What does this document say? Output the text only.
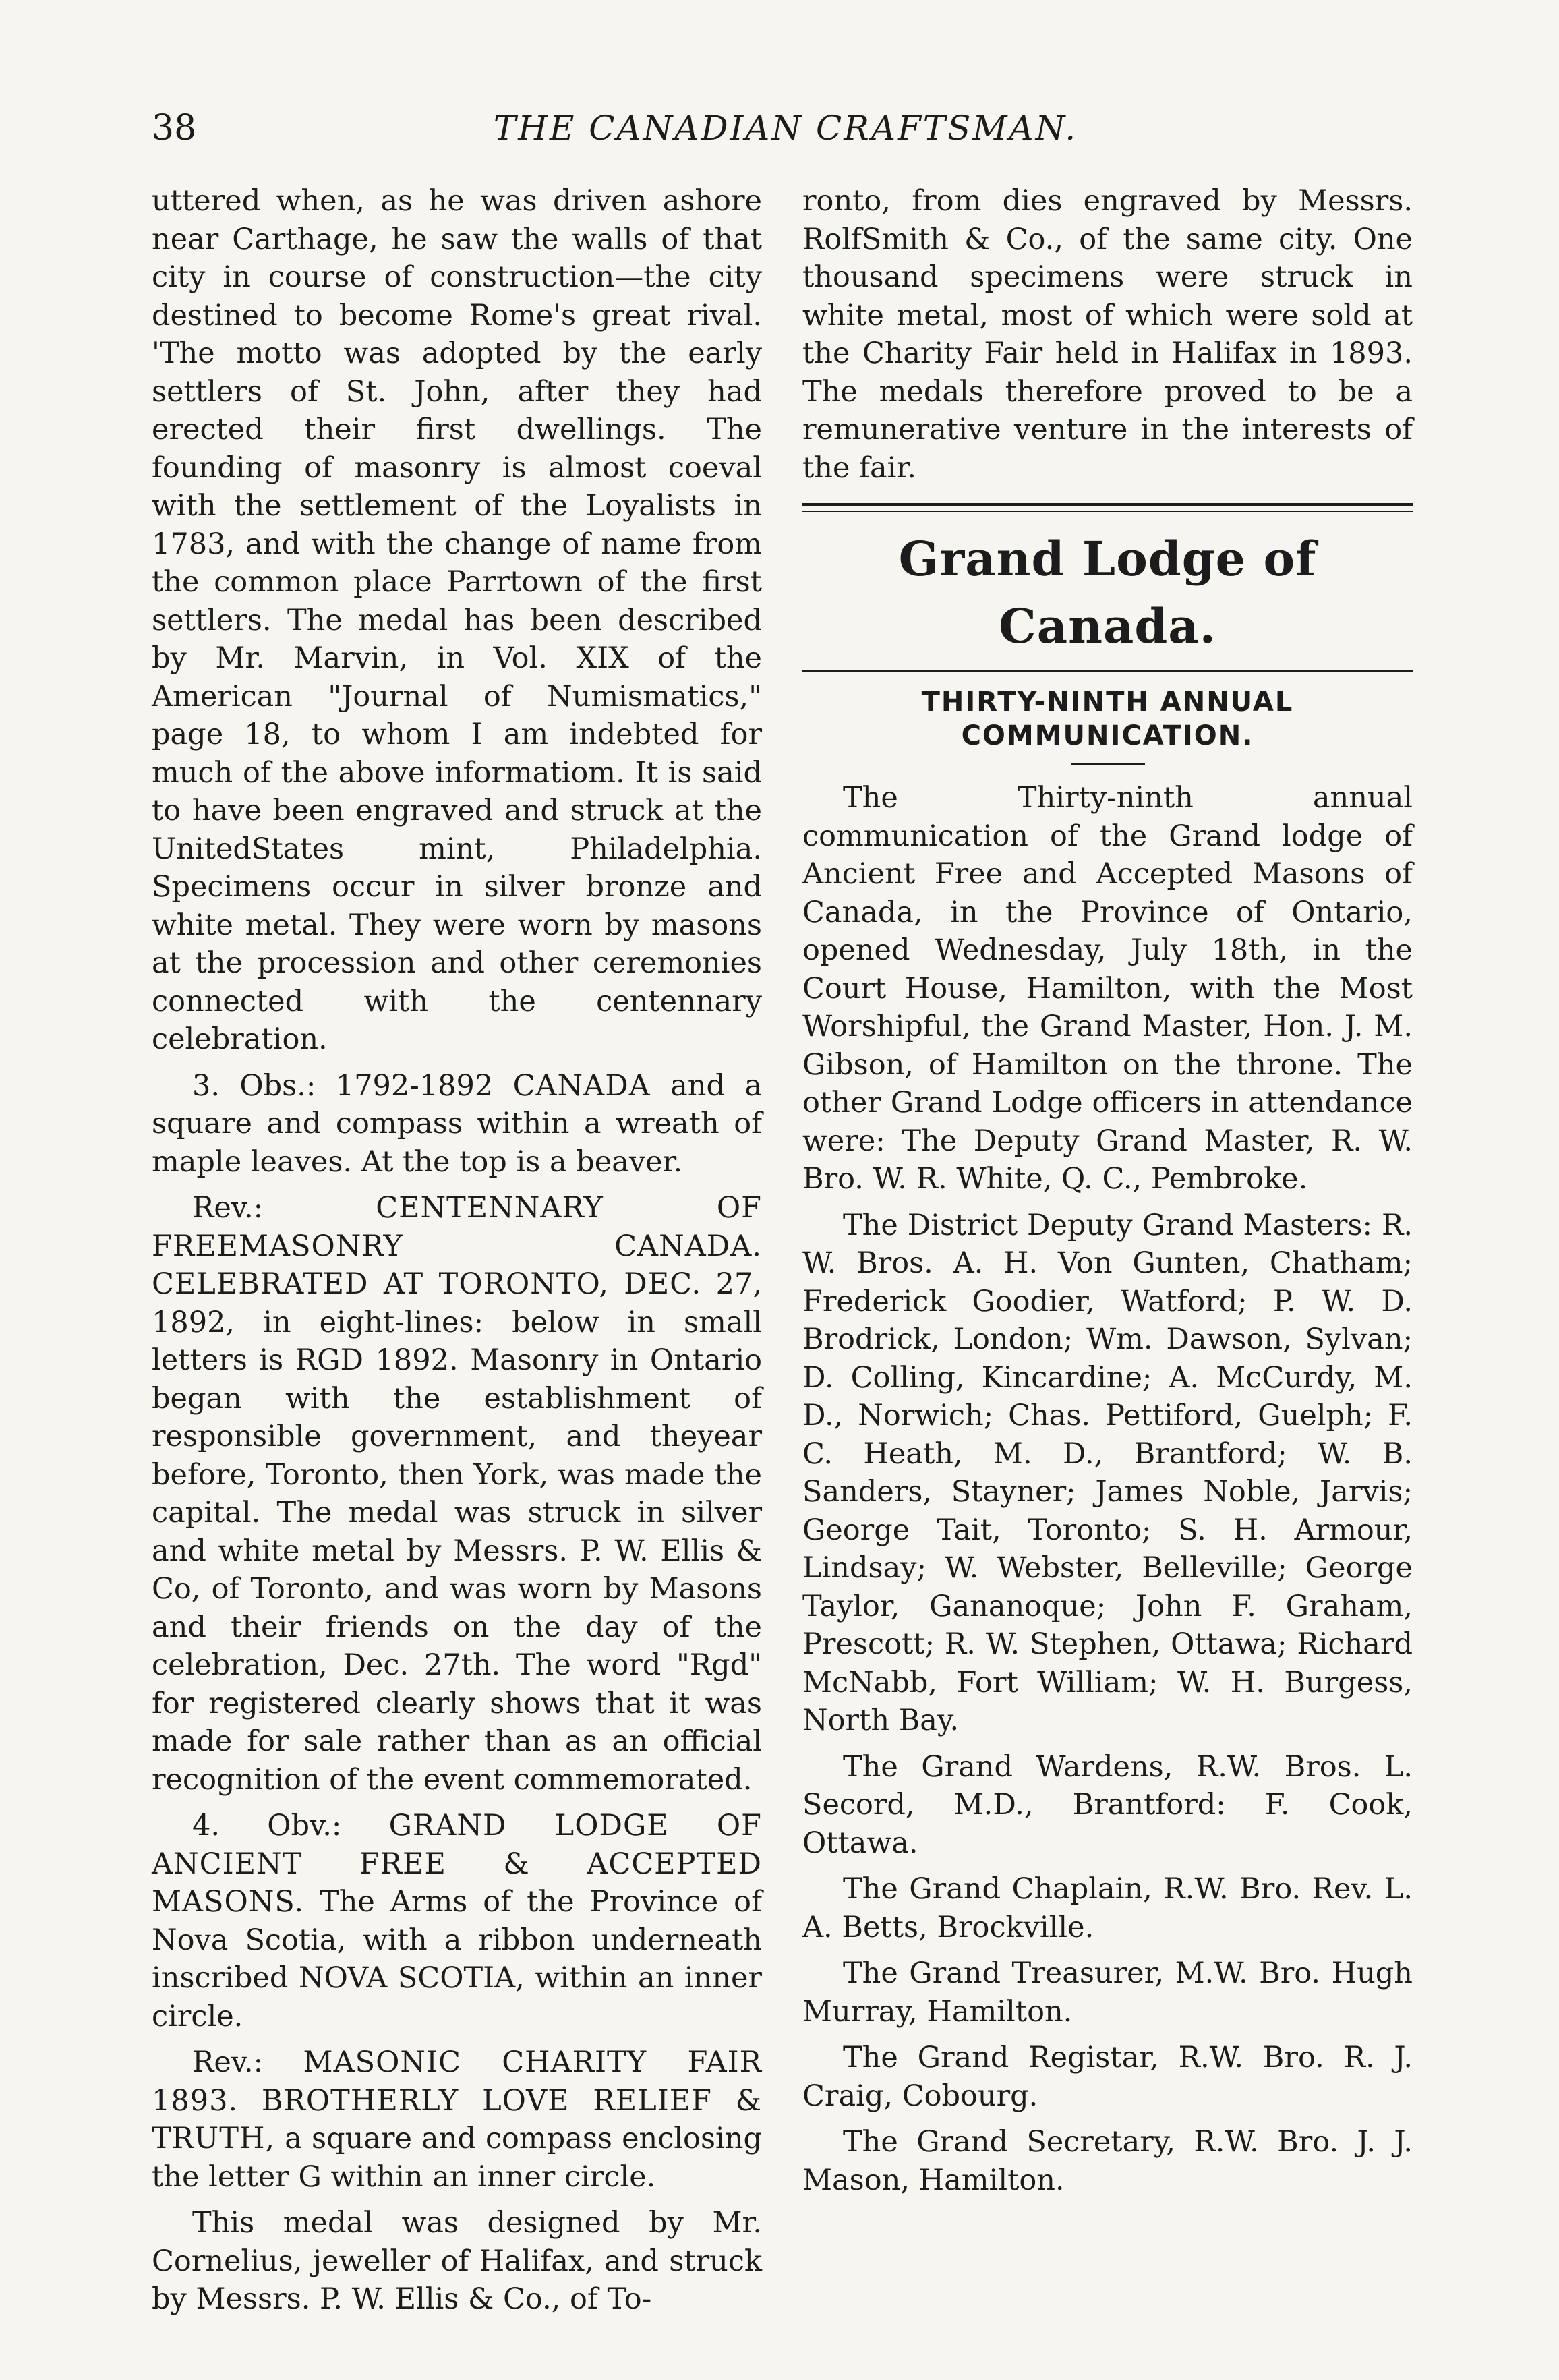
38	THE CANADIAN CRAFTSMAN.

uttered when, as he was driven ashore near Carthage, he saw the walls of that city in course of construction—the city destined to become Rome's great rival. 'The motto was adopted by the early settlers of St. John, after they had erected their first dwellings. The founding of masonry is almost coeval with the settlement of the Loyalists in 1783, and with the change of name from the common place Parrtown of the first settlers. The medal has been described by Mr. Marvin, in Vol. XIX of the American "Journal of Numismatics," page 18, to whom I am indebted for much of the above informatiom. It is said to have been engraved and struck at the UnitedStates mint, Philadelphia. Specimens occur in silver bronze and white metal. They were worn by masons at the procession and other ceremonies connected with the centennary celebration.

3. Obs.: 1792-1892 CANADA and a square and compass within a wreath of maple leaves. At the top is a beaver.

Rev.: CENTENNARY OF FREEMASONRY CANADA. CELEBRATED AT TORONTO, DEC. 27, 1892, in eight-lines: below in small letters is RGD 1892. Masonry in Ontario began with the establishment of responsible government, and theyear before, Toronto, then York, was made the capital. The medal was struck in silver and white metal by Messrs. P. W. Ellis & Co, of Toronto, and was worn by Masons and their friends on the day of the celebration, Dec. 27th. The word "Rgd" for registered clearly shows that it was made for sale rather than as an official recognition of the event commemorated.

4. Obv.: GRAND LODGE OF ANCIENT FREE & ACCEPTED MASONS. The Arms of the Province of Nova Scotia, with a ribbon underneath inscribed NOVA SCOTIA, within an inner circle.

Rev.: MASONIC CHARITY FAIR 1893. BROTHERLY LOVE RELIEF & TRUTH, a square and compass enclosing the letter G within an inner circle.

This medal was designed by Mr. Cornelius, jeweller of Halifax, and struck by Messrs. P. W. Ellis & Co., of To-

ronto, from dies engraved by Messrs. RolfSmith & Co., of the same city. One thousand specimens were struck in white metal, most of which were sold at the Charity Fair held in Halifax in 1893. The medals therefore proved to be a remunerative venture in the interests of the fair.

Grand Lodge of Canada.
THIRTY-NINTH ANNUAL COMMUNICATION.

The Thirty-ninth annual communication of the Grand lodge of Ancient Free and Accepted Masons of Canada, in the Province of Ontario, opened Wednesday, July 18th, in the Court House, Hamilton, with the Most Worshipful, the Grand Master, Hon. J. M. Gibson, of Hamilton on the throne. The other Grand Lodge officers in attendance were: The Deputy Grand Master, R. W. Bro. W. R. White, Q. C., Pembroke.

The District Deputy Grand Masters: R. W. Bros. A. H. Von Gunten, Chatham; Frederick Goodier, Watford; P. W. D. Brodrick, London; Wm. Dawson, Sylvan; D. Colling, Kincardine; A. McCurdy, M. D., Norwich; Chas. Pettiford, Guelph; F. C. Heath, M. D., Brantford; W. B. Sanders, Stayner; James Noble, Jarvis; George Tait, Toronto; S. H. Armour, Lindsay; W. Webster, Belleville; George Taylor, Gananoque; John F. Graham, Prescott; R. W. Stephen, Ottawa; Richard McNabb, Fort William; W. H. Burgess, North Bay.

The Grand Wardens, R.W. Bros. L. Secord, M.D., Brantford: F. Cook, Ottawa.

The Grand Chaplain, R.W. Bro. Rev. L. A. Betts, Brockville.

The Grand Treasurer, M.W. Bro. Hugh Murray, Hamilton.

The Grand Registar, R.W. Bro. R. J. Craig, Cobourg.

The Grand Secretary, R.W. Bro. J. J. Mason, Hamilton.
